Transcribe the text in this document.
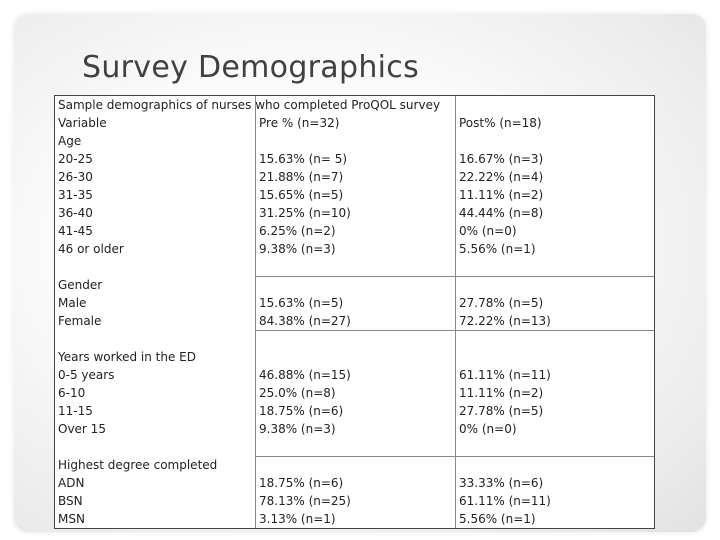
Survey Demographics
Sample demographics of nurses who completed ProQOL survey
Variable
Age
20-25
26-30
31-35
36-40
41-45
46 or older
Gender
Male
Female
Years worked in the ED
0-5 years
6-10
11-15
Over 15
Highest degree completed
ADN
BSN
MSN
Pre % (n=32)
15.63% (n= 5)
21.88% (n=7)
15.65% (n=5)
31.25% (n=10)
6.25% (n=2)
9.38% (n=3)
15.63% (n=5)
84.38% (n=27)
46.88% (n=15)
25.0% (n=8)
18.75% (n=6)
9.38% (n=3)
18.75% (n=6)
78.13% (n=25)
3.13% (n=1)
Post% (n=18)
16.67% (n=3)
22.22% (n=4)
11.11% (n=2)
44.44% (n=8)
0% (n=0)
5.56% (n=1)
27.78% (n=5)
72.22% (n=13)
61.11% (n=11)
11.11% (n=2)
27.78% (n=5)
0% (n=0)
33.33% (n=6)
61.11% (n=11)
5.56% (n=1)
